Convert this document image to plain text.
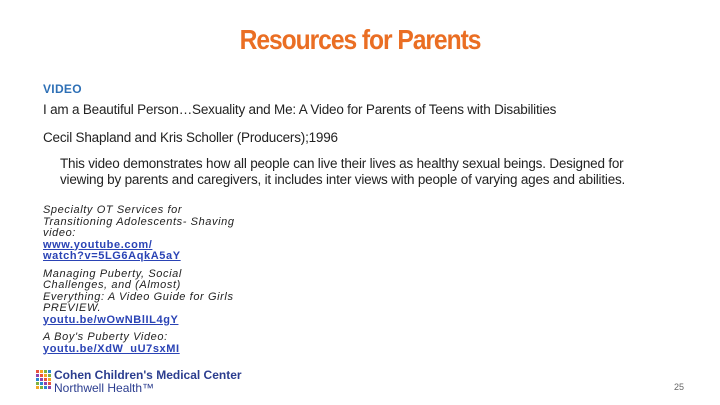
Resources for Parents
VIDEO
I am a Beautiful Person…Sexuality and Me: A Video for Parents of Teens with Disabilities
Cecil Shapland and Kris Scholler (Producers);1996
This video demonstrates how all people can live their lives as healthy sexual beings. Designed for viewing by parents and caregivers, it includes inter views with people of varying ages and abilities.
Specialty OT Services for
Transitioning Adolescents- Shaving
video:
www.youtube.com/
watch?v=5LG6AqkA5aY
Managing Puberty, Social
Challenges, and (Almost)
Everything: A Video Guide for Girls
PREVIEW.
youtu.be/wOwNBlIL4gY
A Boy's Puberty Video:
youtu.be/XdW_uU7sxMI
Cohen Children's Medical Center
Northwell Health™	25
